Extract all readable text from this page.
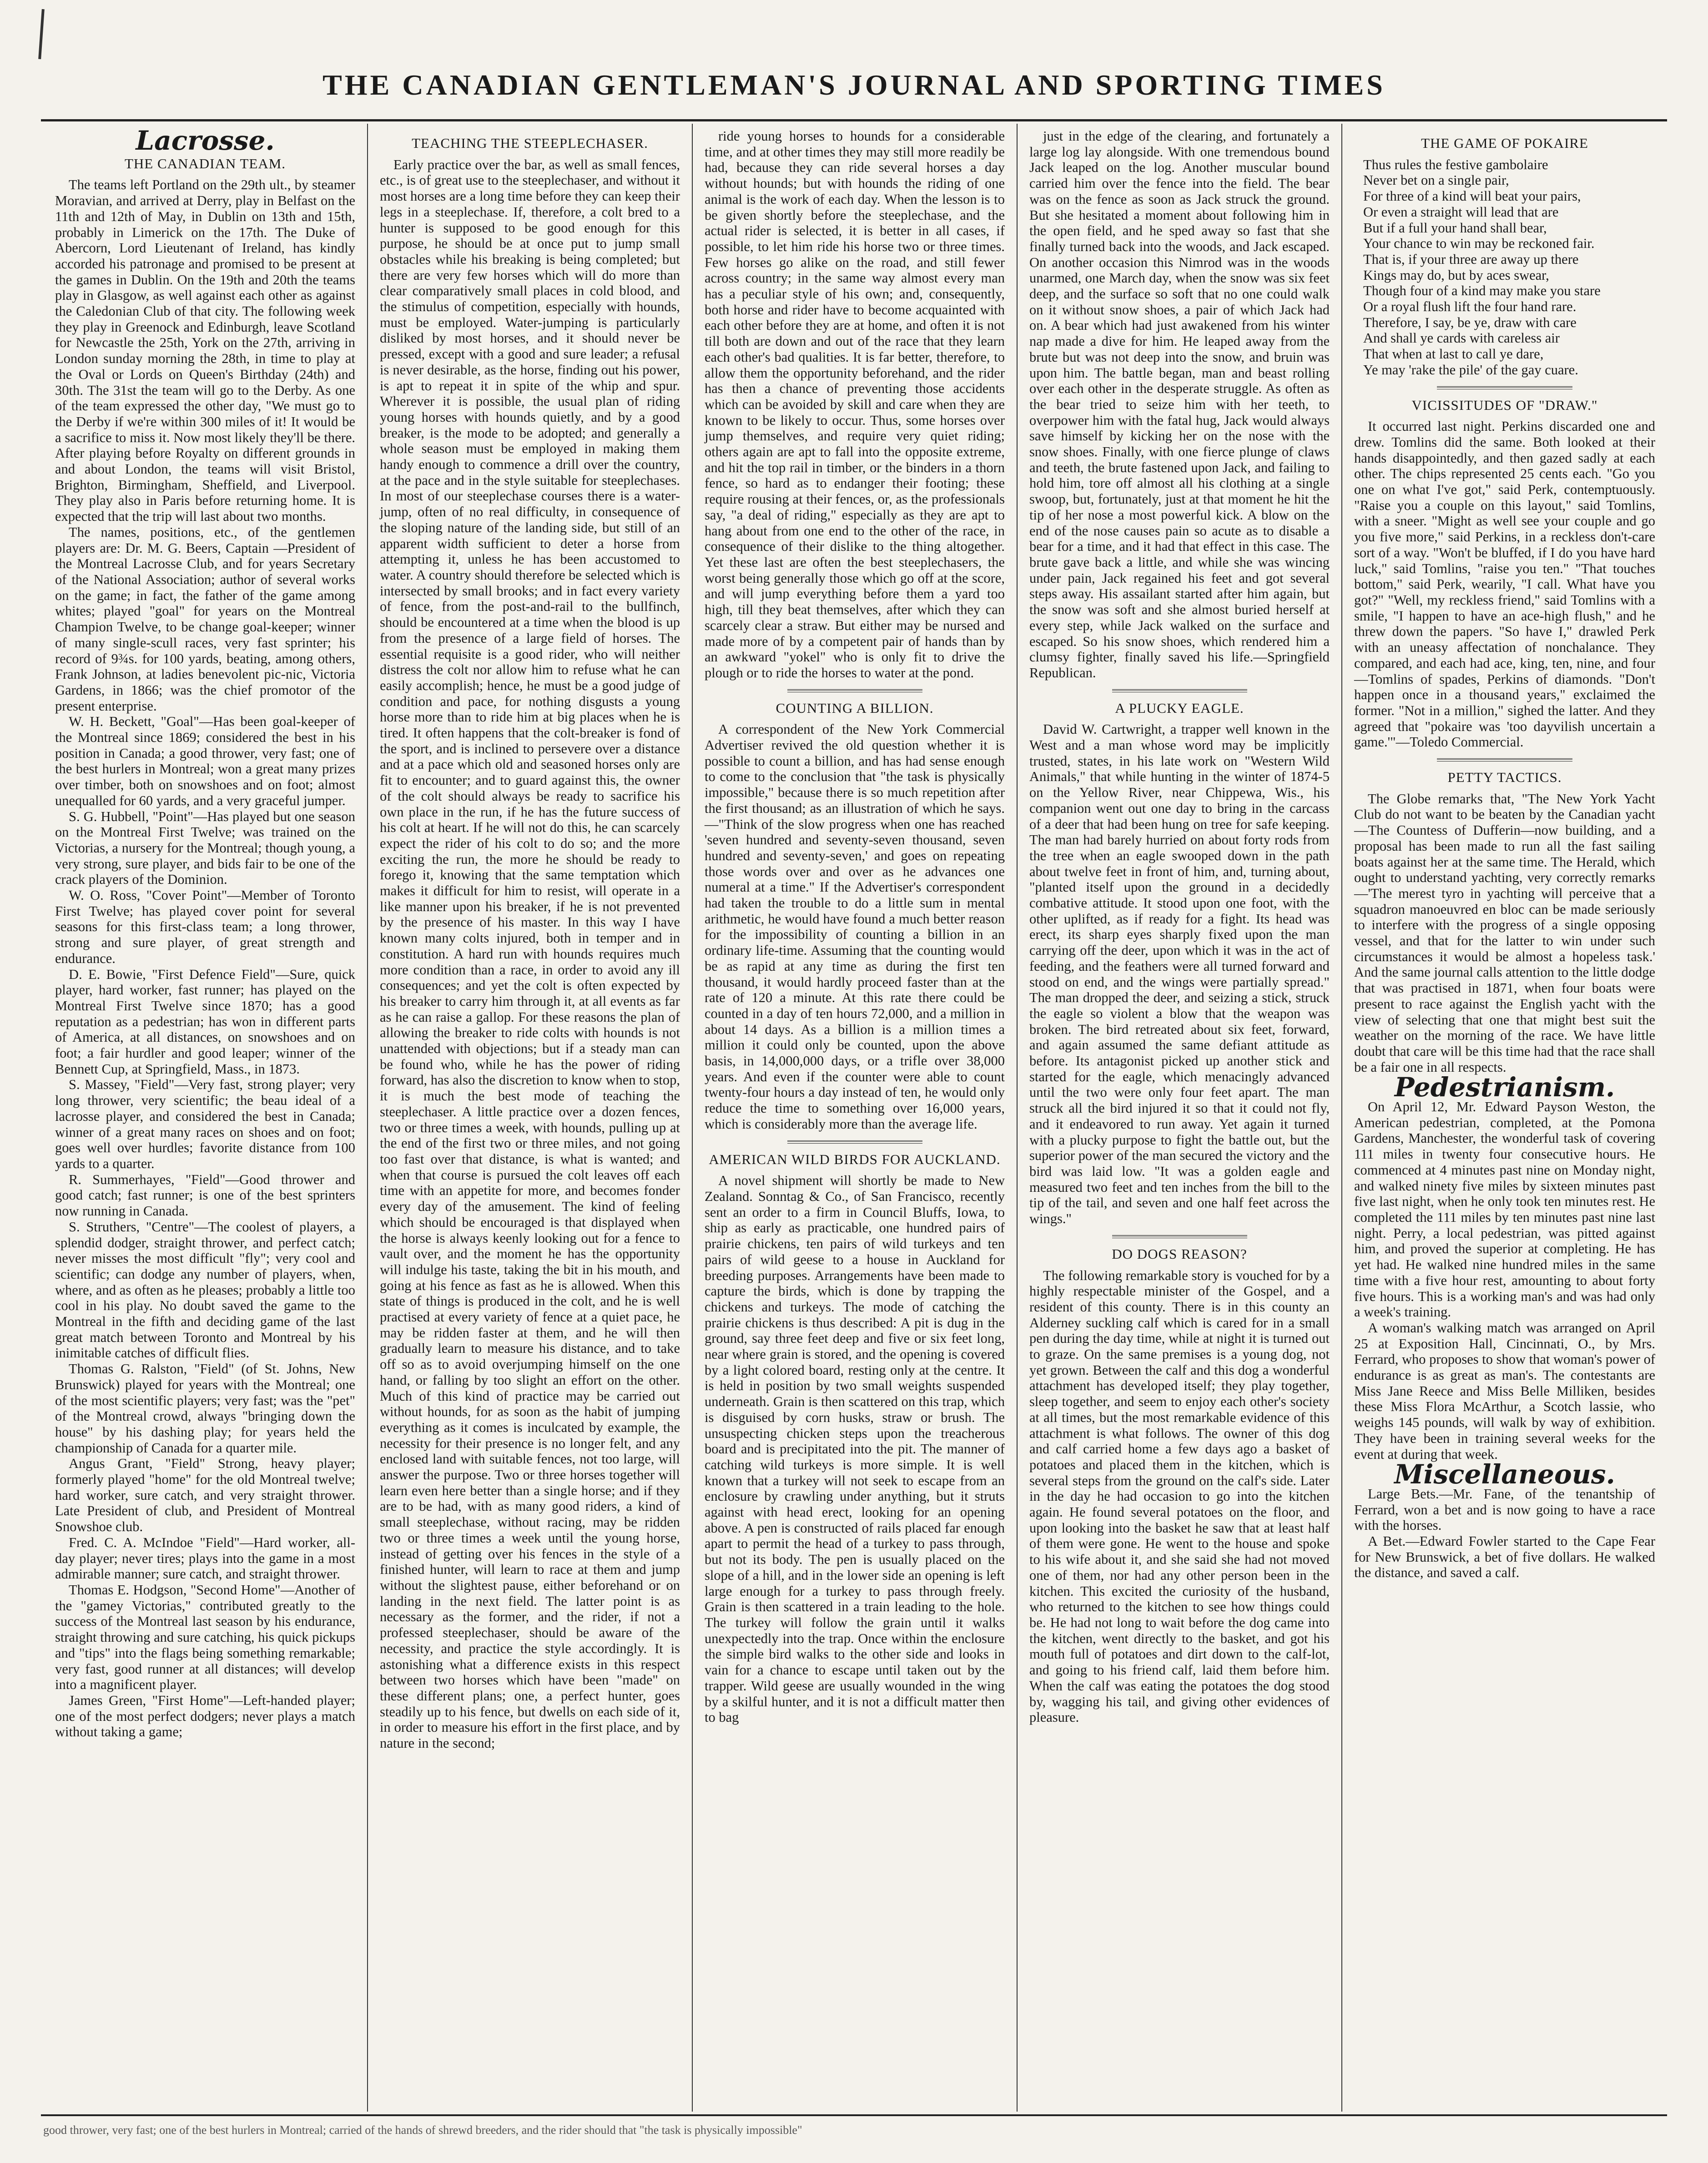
THE CANADIAN GENTLEMAN'S JOURNAL AND SPORTING TIMES
Lacrosse.
THE CANADIAN TEAM.

The teams left Portland on the 29th ult., by steamer Moravian, and arrived at Derry, play in Belfast on the 11th and 12th of May, in Dublin on 13th and 15th, probably in Limerick on the 17th. The Duke of Abercorn, Lord Lieutenant of Ireland, has kindly accorded his patronage and promised to be present at the games in Dublin. On the 19th and 20th the teams play in Glasgow, as well against each other as against the Caledonian Club of that city. The following week they play in Greenock and Edinburgh, leave Scotland for Newcastle the 25th, York on the 27th, arriving in London sunday morning the 28th, in time to play at the Oval or Lords on Queen's Birthday (24th) and 30th. The 31st the team will go to the Derby. As one of the team expressed the other day, "We must go to the Derby if we're within 300 miles of it! It would be a sacrifice to miss it. Now most likely they'll be there. After playing before Royalty on different grounds in and about London, the teams will visit Bristol, Brighton, Birmingham, Sheffield, and Liverpool. They play also in Paris before returning home. It is expected that the trip will last about two months.

The names, positions, etc., of the gentlemen players are: Dr. M. G. Beers, Captain —President of the Montreal Lacrosse Club, and for years Secretary of the National Association; author of several works on the game; in fact, the father of the game among whites; played "goal" for years on the Montreal Champion Twelve, to be change goal-keeper; winner of many single-scull races, very fast sprinter; his record of 9¾s. for 100 yards, beating, among others, Frank Johnson, at ladies benevolent pic-nic, Victoria Gardens, in 1866; was the chief promotor of the present enterprise.

W. H. Beckett, "Goal"—Has been goal-keeper of the Montreal since 1869; considered the best in his position in Canada; a good thrower, very fast; one of the best hurlers in Montreal; won a great many prizes over timber, both on snowshoes and on foot; almost unequalled for 60 yards, and a very graceful jumper.

S. G. Hubbell, "Point"—Has played but one season on the Montreal First Twelve; was trained on the Victorias, a nursery for the Montreal; though young, a very strong, sure player, and bids fair to be one of the crack players of the Dominion.

W. O. Ross, "Cover Point"—Member of Toronto First Twelve; has played cover point for several seasons for this first-class team; a long thrower, strong and sure player, of great strength and endurance.

D. E. Bowie, "First Defence Field"—Sure, quick player, hard worker, fast runner; has played on the Montreal First Twelve since 1870; has a good reputation as a pedestrian; has won in different parts of America, at all distances, on snowshoes and on foot; a fair hurdler and good leaper; winner of the Bennett Cup, at Springfield, Mass., in 1873.

S. Massey, "Field"—Very fast, strong player; very long thrower, very scientific; the beau ideal of a lacrosse player, and considered the best in Canada; winner of a great many races on shoes and on foot; goes well over hurdles; favorite distance from 100 yards to a quarter.

R. Summerhayes, "Field"—Good thrower and good catch; fast runner; is one of the best sprinters now running in Canada.

S. Struthers, "Centre"—The coolest of players, a splendid dodger, straight thrower, and perfect catch; never misses the most difficult "fly"; very cool and scientific; can dodge any number of players, when, where, and as often as he pleases; probably a little too cool in his play. No doubt saved the game to the Montreal in the fifth and deciding game of the last great match between Toronto and Montreal by his inimitable catches of difficult flies.

Thomas G. Ralston, "Field" (of St. Johns, New Brunswick) played for years with the Montreal; one of the most scientific players; very fast; was the "pet" of the Montreal crowd, always "bringing down the house" by his dashing play; for years held the championship of Canada for a quarter mile.

Angus Grant, "Field" Strong, heavy player; formerly played "home" for the old Montreal twelve; hard worker, sure catch, and very straight thrower. Late President of club, and President of Montreal Snowshoe club.

Fred. C. A. McIndoe "Field"—Hard worker, all-day player; never tires; plays into the game in a most admirable manner; sure catch, and straight thrower.

Thomas E. Hodgson, "Second Home"—Another of the "gamey Victorias," contributed greatly to the success of the Montreal last season by his endurance, straight throwing and sure catching, his quick pickups and "tips" into the flags being something remarkable; very fast, good runner at all distances; will develop into a magnificent player.

James Green, "First Home"—Left-handed player; one of the most perfect dodgers; never plays a match without taking a game;

TEACHING THE STEEPLECHASER.

Early practice over the bar, as well as small fences, etc., is of great use to the steeplechaser, and without it most horses are a long time before they can keep their legs in a steeplechase. If, therefore, a colt bred to a hunter is supposed to be good enough for this purpose, he should be at once put to jump small obstacles while his breaking is being completed; but there are very few horses which will do more than clear comparatively small places in cold blood, and the stimulus of competition, especially with hounds, must be employed. Water-jumping is particularly disliked by most horses, and it should never be pressed, except with a good and sure leader; a refusal is never desirable, as the horse, finding out his power, is apt to repeat it in spite of the whip and spur. Wherever it is possible, the usual plan of riding young horses with hounds quietly, and by a good breaker, is the mode to be adopted; and generally a whole season must be employed in making them handy enough to commence a drill over the country, at the pace and in the style suitable for steeplechases. In most of our steeplechase courses there is a water-jump, often of no real difficulty, in consequence of the sloping nature of the landing side, but still of an apparent width sufficient to deter a horse from attempting it, unless he has been accustomed to water. A country should therefore be selected which is intersected by small brooks; and in fact every variety of fence, from the post-and-rail to the bullfinch, should be encountered at a time when the blood is up from the presence of a large field of horses. The essential requisite is a good rider, who will neither distress the colt nor allow him to refuse what he can easily accomplish; hence, he must be a good judge of condition and pace, for nothing disgusts a young horse more than to ride him at big places when he is tired. It often happens that the colt-breaker is fond of the sport, and is inclined to persevere over a distance and at a pace which old and seasoned horses only are fit to encounter; and to guard against this, the owner of the colt should always be ready to sacrifice his own place in the run, if he has the future success of his colt at heart. If he will not do this, he can scarcely expect the rider of his colt to do so; and the more exciting the run, the more he should be ready to forego it, knowing that the same temptation which makes it difficult for him to resist, will operate in a like manner upon his breaker, if he is not prevented by the presence of his master. In this way I have known many colts injured, both in temper and in constitution. A hard run with hounds requires much more condition than a race, in order to avoid any ill consequences; and yet the colt is often expected by his breaker to carry him through it, at all events as far as he can raise a gallop. For these reasons the plan of allowing the breaker to ride colts with hounds is not unattended with objections; but if a steady man can be found who, while he has the power of riding forward, has also the discretion to know when to stop, it is much the best mode of teaching the steeplechaser. A little practice over a dozen fences, two or three times a week, with hounds, pulling up at the end of the first two or three miles, and not going too fast over that distance, is what is wanted; and when that course is pursued the colt leaves off each time with an appetite for more, and becomes fonder every day of the amusement. The kind of feeling which should be encouraged is that displayed when the horse is always keenly looking out for a fence to vault over, and the moment he has the opportunity will indulge his taste, taking the bit in his mouth, and going at his fence as fast as he is allowed. When this state of things is produced in the colt, and he is well practised at every variety of fence at a quiet pace, he may be ridden faster at them, and he will then gradually learn to measure his distance, and to take off so as to avoid overjumping himself on the one hand, or falling by too slight an effort on the other. Much of this kind of practice may be carried out without hounds, for as soon as the habit of jumping everything as it comes is inculcated by example, the necessity for their presence is no longer felt, and any enclosed land with suitable fences, not too large, will answer the purpose. Two or three horses together will learn even here better than a single horse; and if they are to be had, with as many good riders, a kind of small steeplechase, without racing, may be ridden two or three times a week until the young horse, instead of getting over his fences in the style of a finished hunter, will learn to race at them and jump without the slightest pause, either beforehand or on landing in the next field. The latter point is as necessary as the former, and the rider, if not a professed steeplechaser, should be aware of the necessity, and practice the style accordingly. It is astonishing what a difference exists in this respect between two horses which have been "made" on these different plans; one, a perfect hunter, goes steadily up to his fence, but dwells on each side of it, in order to measure his effort in the first place, and by nature in the second;

ride young horses to hounds for a considerable time, and at other times they may still more readily be had, because they can ride several horses a day without hounds; but with hounds the riding of one animal is the work of each day. When the lesson is to be given shortly before the steeplechase, and the actual rider is selected, it is better in all cases, if possible, to let him ride his horse two or three times. Few horses go alike on the road, and still fewer across country; in the same way almost every man has a peculiar style of his own; and, consequently, both horse and rider have to become acquainted with each other before they are at home, and often it is not till both are down and out of the race that they learn each other's bad qualities. It is far better, therefore, to allow them the opportunity beforehand, and the rider has then a chance of preventing those accidents which can be avoided by skill and care when they are known to be likely to occur. Thus, some horses over jump themselves, and require very quiet riding; others again are apt to fall into the opposite extreme, and hit the top rail in timber, or the binders in a thorn fence, so hard as to endanger their footing; these require rousing at their fences, or, as the professionals say, "a deal of riding," especially as they are apt to hang about from one end to the other of the race, in consequence of their dislike to the thing altogether. Yet these last are often the best steeplechasers, the worst being generally those which go off at the score, and will jump everything before them a yard too high, till they beat themselves, after which they can scarcely clear a straw. But either may be nursed and made more of by a competent pair of hands than by an awkward "yokel" who is only fit to drive the plough or to ride the horses to water at the pond.

COUNTING A BILLION.

A correspondent of the New York Commercial Advertiser revived the old question whether it is possible to count a billion, and has had sense enough to come to the conclusion that "the task is physically impossible," because there is so much repetition after the first thousand; as an illustration of which he says.—"Think of the slow progress when one has reached 'seven hundred and seventy-seven thousand, seven hundred and seventy-seven,' and goes on repeating those words over and over as he advances one numeral at a time." If the Advertiser's correspondent had taken the trouble to do a little sum in mental arithmetic, he would have found a much better reason for the impossibility of counting a billion in an ordinary life-time. Assuming that the counting would be as rapid at any time as during the first ten thousand, it would hardly proceed faster than at the rate of 120 a minute. At this rate there could be counted in a day of ten hours 72,000, and a million in about 14 days. As a billion is a million times a million it could only be counted, upon the above basis, in 14,000,000 days, or a trifle over 38,000 years. And even if the counter were able to count twenty-four hours a day instead of ten, he would only reduce the time to something over 16,000 years, which is considerably more than the average life.

AMERICAN WILD BIRDS FOR AUCKLAND.

A novel shipment will shortly be made to New Zealand. Sonntag & Co., of San Francisco, recently sent an order to a firm in Council Bluffs, Iowa, to ship as early as practicable, one hundred pairs of prairie chickens, ten pairs of wild turkeys and ten pairs of wild geese to a house in Auckland for breeding purposes. Arrangements have been made to capture the birds, which is done by trapping the chickens and turkeys. The mode of catching the prairie chickens is thus described: A pit is dug in the ground, say three feet deep and five or six feet long, near where grain is stored, and the opening is covered by a light colored board, resting only at the centre. It is held in position by two small weights suspended underneath. Grain is then scattered on this trap, which is disguised by corn husks, straw or brush. The unsuspecting chicken steps upon the treacherous board and is precipitated into the pit. The manner of catching wild turkeys is more simple. It is well known that a turkey will not seek to escape from an enclosure by crawling under anything, but it struts against with head erect, looking for an opening above. A pen is constructed of rails placed far enough apart to permit the head of a turkey to pass through, but not its body. The pen is usually placed on the slope of a hill, and in the lower side an opening is left large enough for a turkey to pass through freely. Grain is then scattered in a train leading to the hole. The turkey will follow the grain until it walks unexpectedly into the trap. Once within the enclosure the simple bird walks to the other side and looks in vain for a chance to escape until taken out by the trapper. Wild geese are usually wounded in the wing by a skilful hunter, and it is not a difficult matter then to bag

just in the edge of the clearing, and fortunately a large log lay alongside. With one tremendous bound Jack leaped on the log. Another muscular bound carried him over the fence into the field. The bear was on the fence as soon as Jack struck the ground. But she hesitated a moment about following him in the open field, and he sped away so fast that she finally turned back into the woods, and Jack escaped. On another occasion this Nimrod was in the woods unarmed, one March day, when the snow was six feet deep, and the surface so soft that no one could walk on it without snow shoes, a pair of which Jack had on. A bear which had just awakened from his winter nap made a dive for him. He leaped away from the brute but was not deep into the snow, and bruin was upon him. The battle began, man and beast rolling over each other in the desperate struggle. As often as the bear tried to seize him with her teeth, to overpower him with the fatal hug, Jack would always save himself by kicking her on the nose with the snow shoes. Finally, with one fierce plunge of claws and teeth, the brute fastened upon Jack, and failing to hold him, tore off almost all his clothing at a single swoop, but, fortunately, just at that moment he hit the tip of her nose a most powerful kick. A blow on the end of the nose causes pain so acute as to disable a bear for a time, and it had that effect in this case. The brute gave back a little, and while she was wincing under pain, Jack regained his feet and got several steps away. His assailant started after him again, but the snow was soft and she almost buried herself at every step, while Jack walked on the surface and escaped. So his snow shoes, which rendered him a clumsy fighter, finally saved his life.—Springfield Republican.

A PLUCKY EAGLE.

David W. Cartwright, a trapper well known in the West and a man whose word may be implicitly trusted, states, in his late work on "Western Wild Animals," that while hunting in the winter of 1874-5 on the Yellow River, near Chippewa, Wis., his companion went out one day to bring in the carcass of a deer that had been hung on tree for safe keeping. The man had barely hurried on about forty rods from the tree when an eagle swooped down in the path about twelve feet in front of him, and, turning about, "planted itself upon the ground in a decidedly combative attitude. It stood upon one foot, with the other uplifted, as if ready for a fight. Its head was erect, its sharp eyes sharply fixed upon the man carrying off the deer, upon which it was in the act of feeding, and the feathers were all turned forward and stood on end, and the wings were partially spread." The man dropped the deer, and seizing a stick, struck the eagle so violent a blow that the weapon was broken. The bird retreated about six feet, forward, and again assumed the same defiant attitude as before. Its antagonist picked up another stick and started for the eagle, which menacingly advanced until the two were only four feet apart. The man struck all the bird injured it so that it could not fly, and it endeavored to run away. Yet again it turned with a plucky purpose to fight the battle out, but the superior power of the man secured the victory and the bird was laid low. "It was a golden eagle and measured two feet and ten inches from the bill to the tip of the tail, and seven and one half feet across the wings."

DO DOGS REASON?

The following remarkable story is vouched for by a highly respectable minister of the Gospel, and a resident of this county. There is in this county an Alderney suckling calf which is cared for in a small pen during the day time, while at night it is turned out to graze. On the same premises is a young dog, not yet grown. Between the calf and this dog a wonderful attachment has developed itself; they play together, sleep together, and seem to enjoy each other's society at all times, but the most remarkable evidence of this attachment is what follows. The owner of this dog and calf carried home a few days ago a basket of potatoes and placed them in the kitchen, which is several steps from the ground on the calf's side. Later in the day he had occasion to go into the kitchen again. He found several potatoes on the floor, and upon looking into the basket he saw that at least half of them were gone. He went to the house and spoke to his wife about it, and she said she had not moved one of them, nor had any other person been in the kitchen. This excited the curiosity of the husband, who returned to the kitchen to see how things could be. He had not long to wait before the dog came into the kitchen, went directly to the basket, and got his mouth full of potatoes and dirt down to the calf-lot, and going to his friend calf, laid them before him. When the calf was eating the potatoes the dog stood by, wagging his tail, and giving other evidences of pleasure.

THE GAME OF POKAIRE

Thus rules the festive gambolaire

Never bet on a single pair,

For three of a kind will beat your pairs,

Or even a straight will lead that are

But if a full your hand shall bear,

Your chance to win may be reckoned fair.

That is, if your three are away up there

Kings may do, but by aces swear,

Though four of a kind may make you stare

Or a royal flush lift the four hand rare.

Therefore, I say, be ye, draw with care

And shall ye cards with careless air

That when at last to call ye dare,

Ye may 'rake the pile' of the gay cuare.

VICISSITUDES OF "DRAW."

It occurred last night. Perkins discarded one and drew. Tomlins did the same. Both looked at their hands disappointedly, and then gazed sadly at each other. The chips represented 25 cents each. "Go you one on what I've got," said Perk, contemptuously. "Raise you a couple on this layout," said Tomlins, with a sneer. "Might as well see your couple and go you five more," said Perkins, in a reckless don't-care sort of a way. "Won't be bluffed, if I do you have hard luck," said Tomlins, "raise you ten." "That touches bottom," said Perk, wearily, "I call. What have you got?" "Well, my reckless friend," said Tomlins with a smile, "I happen to have an ace-high flush," and he threw down the papers. "So have I," drawled Perk with an uneasy affectation of nonchalance. They compared, and each had ace, king, ten, nine, and four—Tomlins of spades, Perkins of diamonds. "Don't happen once in a thousand years," exclaimed the former. "Not in a million," sighed the latter. And they agreed that "pokaire was 'too dayvilish uncertain a game.'"—Toledo Commercial.

PETTY TACTICS.

The Globe remarks that, "The New York Yacht Club do not want to be beaten by the Canadian yacht—The Countess of Dufferin—now building, and a proposal has been made to run all the fast sailing boats against her at the same time. The Herald, which ought to understand yachting, very correctly remarks—'The merest tyro in yachting will perceive that a squadron manoeuvred en bloc can be made seriously to interfere with the progress of a single opposing vessel, and that for the latter to win under such circumstances it would be almost a hopeless task.' And the same journal calls attention to the little dodge that was practised in 1871, when four boats were present to race against the English yacht with the view of selecting that one that might best suit the weather on the morning of the race. We have little doubt that care will be this time had that the race shall be a fair one in all respects.

Pedestrianism.

On April 12, Mr. Edward Payson Weston, the American pedestrian, completed, at the Pomona Gardens, Manchester, the wonderful task of covering 111 miles in twenty four consecutive hours. He commenced at 4 minutes past nine on Monday night, and walked ninety five miles by sixteen minutes past five last night, when he only took ten minutes rest. He completed the 111 miles by ten minutes past nine last night. Perry, a local pedestrian, was pitted against him, and proved the superior at completing. He has yet had. He walked nine hundred miles in the same time with a five hour rest, amounting to about forty five hours. This is a working man's and was had only a week's training.

A woman's walking match was arranged on April 25 at Exposition Hall, Cincinnati, O., by Mrs. Ferrard, who proposes to show that woman's power of endurance is as great as man's. The contestants are Miss Jane Reece and Miss Belle Milliken, besides these Miss Flora McArthur, a Scotch lassie, who weighs 145 pounds, will walk by way of exhibition. They have been in training several weeks for the event at during that week.

Miscellaneous.

Large Bets.—Mr. Fane, of the tenantship of Ferrard, won a bet and is now going to have a race with the horses.

A Bet.—Edward Fowler started to the Cape Fear for New Brunswick, a bet of five dollars. He walked the distance, and saved a calf.

good thrower, very fast; one of the best hurlers in Montreal; carried of the hands of shrewd breeders, and the rider should that "the task is physically impossible"
